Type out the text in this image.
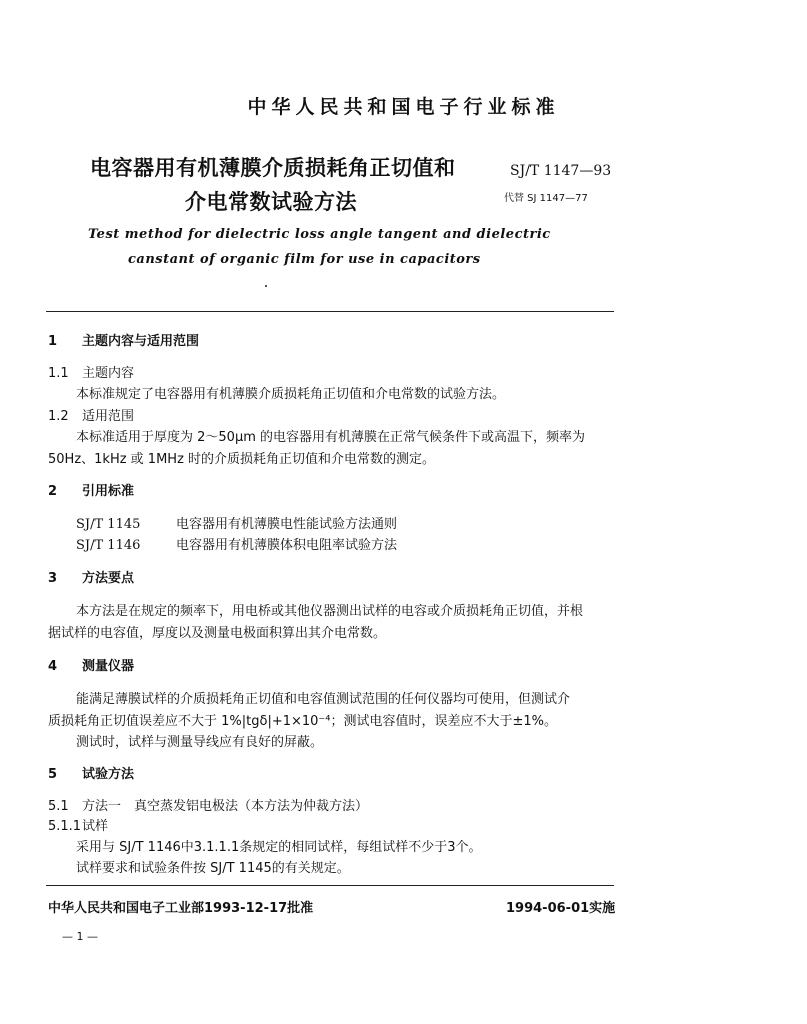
中华人民共和国电子行业标准
电容器用有机薄膜介质损耗角正切值和
介电常数试验方法
SJ/T 1147—93
代替 SJ 1147—77
Test method for dielectric loss angle tangent and dielectric
canstant of organic film for use in capacitors
1 主题内容与适用范围
1.1 主题内容
本标准规定了电容器用有机薄膜介质损耗角正切值和介电常数的试验方法。
1.2 适用范围
本标准适用于厚度为 2～50μm 的电容器用有机薄膜在正常气候条件下或高温下，频率为
50Hz、1kHz 或 1MHz 时的介质损耗角正切值和介电常数的测定。
2 引用标准
SJ/T 1145	电容器用有机薄膜电性能试验方法通则
SJ/T 1146	电容器用有机薄膜体积电阻率试验方法
3 方法要点
本方法是在规定的频率下，用电桥或其他仪器测出试样的电容或介质损耗角正切值，并根
据试样的电容值，厚度以及测量电极面积算出其介电常数。
4 测量仪器
能满足薄膜试样的介质损耗角正切值和电容值测试范围的任何仪器均可使用，但测试介
质损耗角正切值误差应不大于 1%|tgδ|+1×10⁻⁴；测试电容值时，误差应不大于±1%。
测试时，试样与测量导线应有良好的屏蔽。
5 试验方法
5.1 方法一　真空蒸发铝电极法（本方法为仲裁方法）
5.1.1试样
采用与 SJ/T 1146中3.1.1.1条规定的相同试样，每组试样不少于3个。
试样要求和试验条件按 SJ/T 1145的有关规定。
中华人民共和国电子工业部1993-12-17批准	1994-06-01实施
— 1 —
